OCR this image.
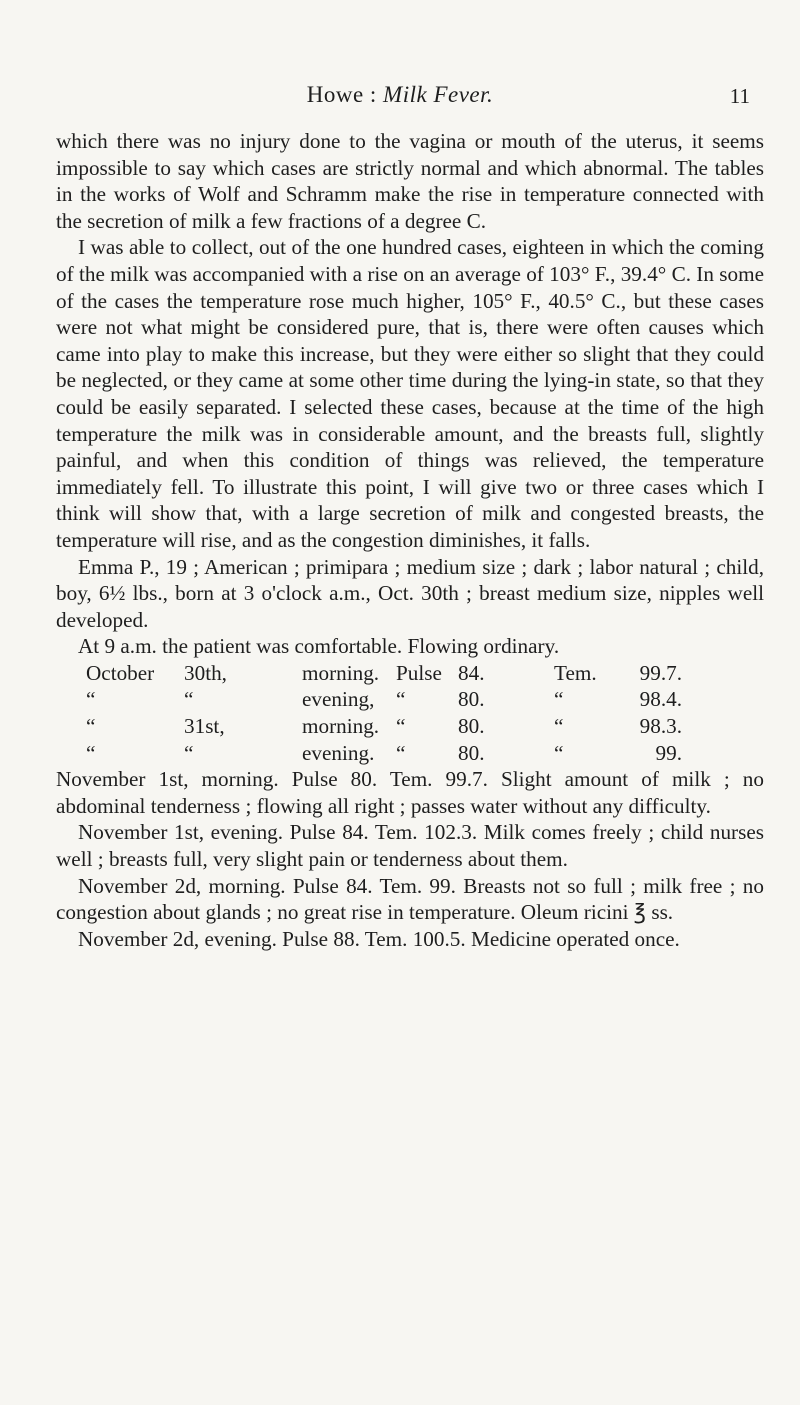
Howe : Milk Fever.	11

which there was no injury done to the vagina or mouth of the uterus, it seems impossible to say which cases are strictly normal and which abnormal. The tables in the works of Wolf and Schramm make the rise in temperature connected with the secretion of milk a few fractions of a degree C.

I was able to collect, out of the one hundred cases, eighteen in which the coming of the milk was accompanied with a rise on an average of 103° F., 39.4° C. In some of the cases the temperature rose much higher, 105° F., 40.5° C., but these cases were not what might be considered pure, that is, there were often causes which came into play to make this increase, but they were either so slight that they could be neglected, or they came at some other time during the lying-in state, so that they could be easily separated. I selected these cases, because at the time of the high temperature the milk was in considerable amount, and the breasts full, slightly painful, and when this condition of things was relieved, the temperature immediately fell. To illustrate this point, I will give two or three cases which I think will show that, with a large secretion of milk and congested breasts, the temperature will rise, and as the congestion diminishes, it falls.

Emma P., 19 ; American ; primipara ; medium size ; dark ; labor natural ; child, boy, 6½ lbs., born at 3 o'clock a.m., Oct. 30th ; breast medium size, nipples well developed.

At 9 a.m. the patient was comfortable. Flowing ordinary.

October	30th,	morning. Pulse 84.	Tem.	99.7.
“	“	evening,	“	80.	“	98.4.
“	31st,	morning. “	80.	“	98.3.
“	“	evening.	“	80.	“	99.

November 1st, morning. Pulse 80. Tem. 99.7. Slight amount of milk ; no abdominal tenderness ; flowing all right ; passes water without any difficulty.

November 1st, evening. Pulse 84. Tem. 102.3. Milk comes freely ; child nurses well ; breasts full, very slight pain or tenderness about them.

November 2d, morning. Pulse 84. Tem. 99. Breasts not so full ; milk free ; no congestion about glands ; no great rise in temperature. Oleum ricini ℥ ss.

November 2d, evening. Pulse 88. Tem. 100.5. Medicine operated once.
